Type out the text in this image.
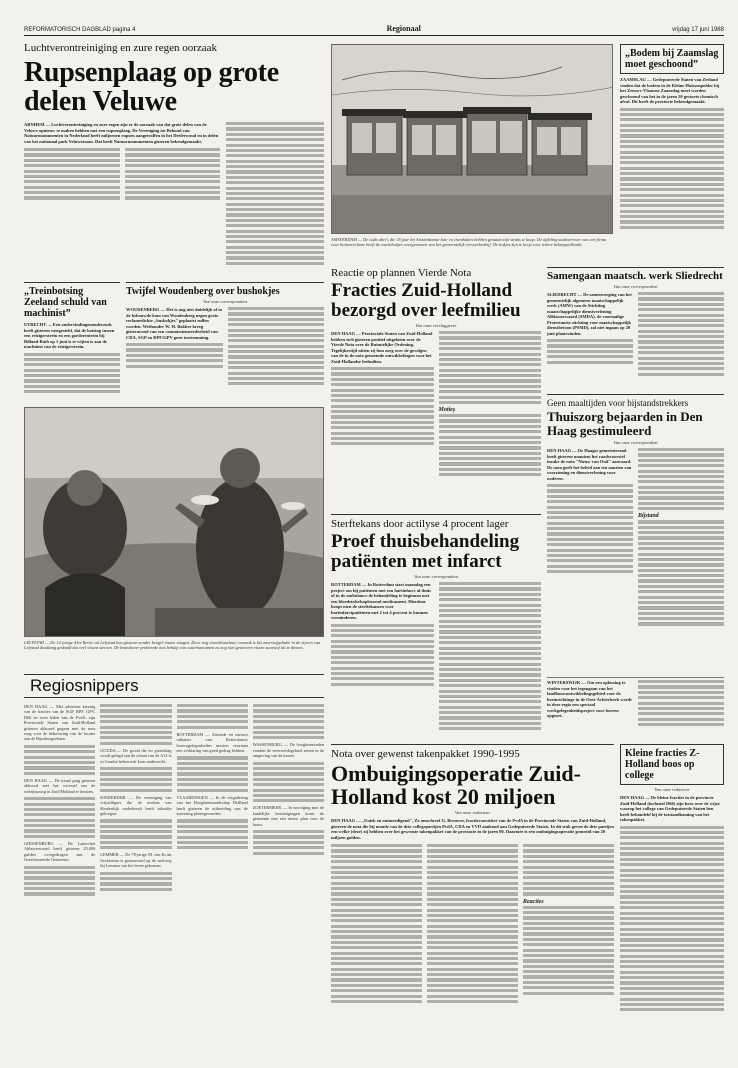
REFORMATORISCH DAGBLAD pagina 4	Regionaal	vrijdag 17 juni 1988
Luchtverontreiniging en zure regen oorzaak
Rupsenplaag op grote delen Veluwe
ARNHEM — Luchtverontreiniging en zure regen zijn er de oorzaak van dat grote delen van de Veluwe opnieuw te maken hebben met een rupsenplaag. De Vereniging tot Behoud van Natuurmonumenten in Nederland heeft miljoenen rupsen aangetroffen in het Deelerwoud en in delen van het nationaal park Veluwezoom. Dat heeft Natuurmonumenten gisteren bekendgemaakt.
AMSTERDAM — De oude abri's die 35 jaar bij Amsterdamse bus- en tramhaltes hebben gestaan zijn straks te koop. De afdeling stadsvervoer van een firma voor buitenreclame heeft de wachthokjes overgenomen van het gemeentelijk vervoerbedrijf. De hokjes zijn te koop voor iedere belangstellende.
„Bodem bij Zaamslag moet geschoond”
ZAAMSLAG — Gedeputeerde Staten van Zeeland vinden dat de bodem in de Kleine Huissenpolder bij het Zeeuws-Vlaamse Zaamslag moet worden geschoond van het in de jaren 50 gestorte chemisch afval. Dit heeft de provincie bekendgemaakt.
„Treinbotsing Zeeland schuld van machinist”
UTRECHT — Een ondervindingenonderzoek heeft gisteren vastgesteld, dat de botsing tussen een reizigerstrein en een goederentrein bij Rilland-Bath op 1 juni is te wijten is aan de machinist van de reizigerstrein.
Twijfel Woudenberg over bushokjes
Van onze correspondent
WOUDENBERG — Het is nog niet duidelijk of in de bebouwde kom van Woudenberg negen grote reclamedichte „bushokjes” geplaatst zullen worden. Wethouder W. H. Bakker kreeg gisteravond van een commissiemeerderheid van CDA, SGP en RPF/GPV geen toestemming.
Reactie op plannen Vierde Nota
Fracties Zuid-Holland bezorgd over leefmilieu
Van onze verslaggever
DEN HAAG — Provinciale Staten van Zuid-Holland hebben zich gisteren positief uitgelaten over de Vierde Nota over de Ruimtelijke Ordening. Tegelijkertijd uitten zij hun zorg over de gevolgen van de in de nota genoemde ontwikkelingen voor het Zuid-Hollandse leefmilieu.
Motieș
Samengaan maatsch. werk Sliedrecht
Van onze correspondent
SLIEDRECHT — De samenvoeging van het gemeentelijk algemeen maatschappelijk werk (AMW) van de Stichting maatschappelijke dienstverlening Alblasserwaard (SMDA), de voormalige Protestantse stichting voor maatschappelijk dienstbetoon (PSMD), zal niet ingaan op 20 juni plaatsvinden.
LELYSTAD — De 12-jarige Alex Reiter uit Lelystad kon gisteren zonder hengel vissen vangen. Door nog onverklaarbare oorzaak is het zuurstofgehalte in de vijvers van Lelystad dusdanig gedaald dat veel vissen sterven. De brandweer probeerde met behulp van waterkanonnen zo nog niet gestorven vissen zuurstof uit te dienen.
Sterftekans door actilyse 4 procent lager
Proef thuisbehandeling patiënten met infarct
Van onze correspondent
ROTTERDAM — In Rotterdam start maandag een project om bij patiënten met een hartinfarct al thuis of in de ambulance de behandeling te beginnen met een bloedstolselsoplossend medicament. Hierdoor hoopt men de sterftekansen voor hartinfarctpatiënten met 2 tot 4 procent te kunnen verminderen.
Geen maaltijden voor bijstandstrekkers
Thuiszorg bejaarden in Den Haag gestimuleerd
Van onze correspondent
DEN HAAG — De Haagse gemeenteraad heeft gisteren unaniem het raadsvoorstel inzake de nota "Nieuw van Oud" aanvaard. De nota geeft het beleid aan ten aanzien van voorziening en dienstverlening voor ouderen.
Bijstand
WINTERSWIJK — Om een oplossing te vinden voor het tegengaan van het landbouwontwikkelingsgebied voor de herinrichtinge in de Oost-Achterhoek wordt in deze regio een speciaal werkgelegenheidsproject voor boeren opgezet.
Regiosnippers
DEN HAAG — Met adviezen kiezing van de fracties van de SGP, RPF, GPV, D66 en twee leden van de PvdA, zijn Provinciale Staten van Zuid-Holland gisteren akkoord gegaan met de nota zorg voor de bebouwing van de locatie aan de Rijnsburgsebaan.
DEN HAAG — De totaal ging gisteren akkoord met het voorstel om de welzijnszorg in Zuid-Holland te herzien.
GIESSENBURG — De Lansschot Ablasserwaard heeft gisteren 25.000 gulden overgedragen aan de Gereformeerde Gemeente.
GOUDA — De grond die ter grondslag wordt gelegd aan de schaal van de A12 is in Goudse bebouwde kom onderzocht.
KINDERDIJK — De vereniging van vrijwilligers die de molens van Kinderdijk onderhoudt heeft subsidie gekregen.
LEMMER — De 78-jarige M. van Es uit Sexbierum is gisteravond op de snelweg bij Lemmer om het leven gekomen.
ROTTERDAM — Zittende en nieuwe uitbaters van Rotterdamse horecagelegenheden moeten voortaan een verklaring van goed gedrag hebben.
VLAARDINGEN — In de vergadering van het Hoogheemraadschap Delfland heeft gisteren de uitbreiding van de zuivering plaatsgevonden.
WASSENBURG — De hoogheemraden vonden de veenweidegebied zetten in de omgeving van de haven.
ZOETERMEER — In navolging met de landelijke bezuinigingen komt de gemeente met een nieuw plan voor de bouw.
Nota over gewenst takenpakket 1990-1995
Ombuigingsoperatie Zuid-Holland kost 20 miljoen
Van onze redacteur
DEN HAAG — „Uniek en ontmoedigend", Zo omschreef G. Brouwer, fractievoorzitter van de PvdA in de Provinciale Staten van Zuid-Holland, gisteren de nota die bij monde van de drie collegepartijen PvdA, CDA en VVD aanbood aan Gedeputeerde Staten. In dit stuk geven de drie partijen een welke (deze) zij hebben over het gewenste takenpakket van de provincie in de jaren 90. Daarmee is een ombuigingsoperatie gemoeid van 20 miljoen gulden.
Reacties
Kleine fracties Z-Holland boos op college
Van onze redacteur
DEN HAAG — De kleine fracties in de provincie Zuid-Holland (inclusief D66) zijn boos over de wijze waarop het college van Gedeputeerde Staten hen heeft behandeld bij de totstandkoming van het takenpakket.
